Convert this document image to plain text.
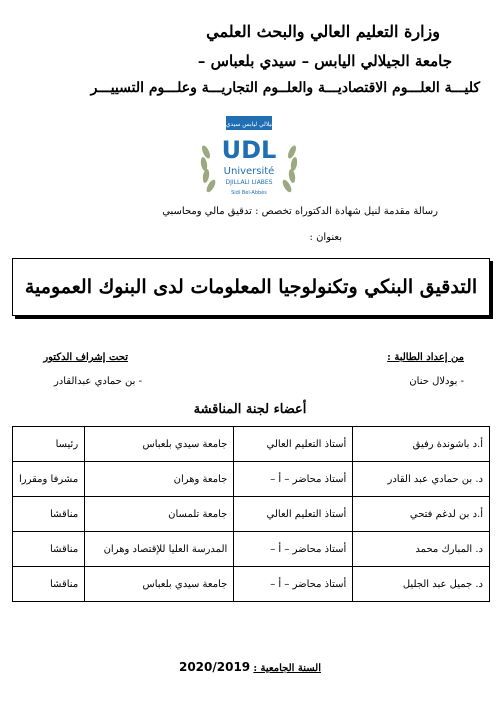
وزارة التعليم العالي والبحث العلمي
جامعة الجيلالي اليابس – سيدي بلعباس –
كليـــة العلـــوم الاقتصاديـــة والعلــوم التجاريـــة وعلـــوم التسييـــر
جامعة جيلالي ليابس سيدي بلعباس
UDL
Université
DJILLALI LIABES
Sidi Bel-Abbès
رسالة مقدمة لنيل شهادة الدكتوراه تخصص : تدقيق مالي ومحاسبي
بعنوان :
التدقيق البنكي وتكنولوجيا المعلومات لدى البنوك العمومية
من إعداد الطالبة :
- بودلال حنان
تحت إشراف الدكتور
- بن حمادي عبدالقادر
أعضاء لجنة المناقشة
أ.د باشوندة رفيق	أستاذ التعليم العالي	جامعة سيدي بلعباس	رئيسا
د. بن حمادي عبد القادر	أستاذ محاضر – أ –	جامعة وهران	مشرفا ومقررا
أ.د بن لدغم فتحي	أستاذ التعليم العالي	جامعة تلمسان	مناقشا
د. المبارك محمد	أستاذ محاضر – أ –	المدرسة العليا للإقتصاد وهران	مناقشا
د. جميل عبد الجليل	أستاذ محاضر – أ –	جامعة سيدي بلعباس	مناقشا
السنة الجامعية : 2020/2019
